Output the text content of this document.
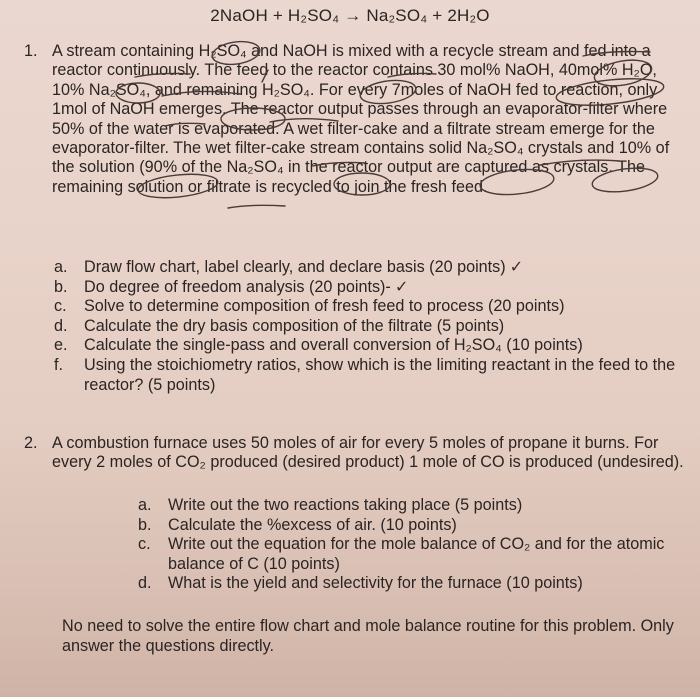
2NaOH + H₂SO₄ → Na₂SO₄ + 2H₂O
1. A stream containing H₂SO₄ and NaOH is mixed with a recycle stream and fed into a reactor continuously. The feed to the reactor contains 30 mol% NaOH, 40mol% H₂O, 10% Na₂SO₄, and remaining H₂SO₄. For every 7moles of NaOH fed to reaction, only 1mol of NaOH emerges. The reactor output passes through an evaporator-filter where 50% of the water is evaporated. A wet filter-cake and a filtrate stream emerge for the evaporator-filter. The wet filter-cake stream contains solid Na₂SO₄ crystals and 10% of the solution (90% of the Na₂SO₄ in the reactor output are captured as crystals. The remaining solution or filtrate is recycled to join the fresh feed.
a. Draw flow chart, label clearly, and declare basis (20 points) ✓
b. Do degree of freedom analysis (20 points)- ✓
c. Solve to determine composition of fresh feed to process (20 points)
d. Calculate the dry basis composition of the filtrate (5 points)
e. Calculate the single-pass and overall conversion of H₂SO₄ (10 points)
f. Using the stoichiometry ratios, show which is the limiting reactant in the feed to the reactor? (5 points)
2. A combustion furnace uses 50 moles of air for every 5 moles of propane it burns. For every 2 moles of CO₂ produced (desired product) 1 mole of CO is produced (undesired).
a. Write out the two reactions taking place (5 points)
b. Calculate the %excess of air. (10 points)
c. Write out the equation for the mole balance of CO₂ and for the atomic balance of C (10 points)
d. What is the yield and selectivity for the furnace (10 points)
No need to solve the entire flow chart and mole balance routine for this problem. Only answer the questions directly.
